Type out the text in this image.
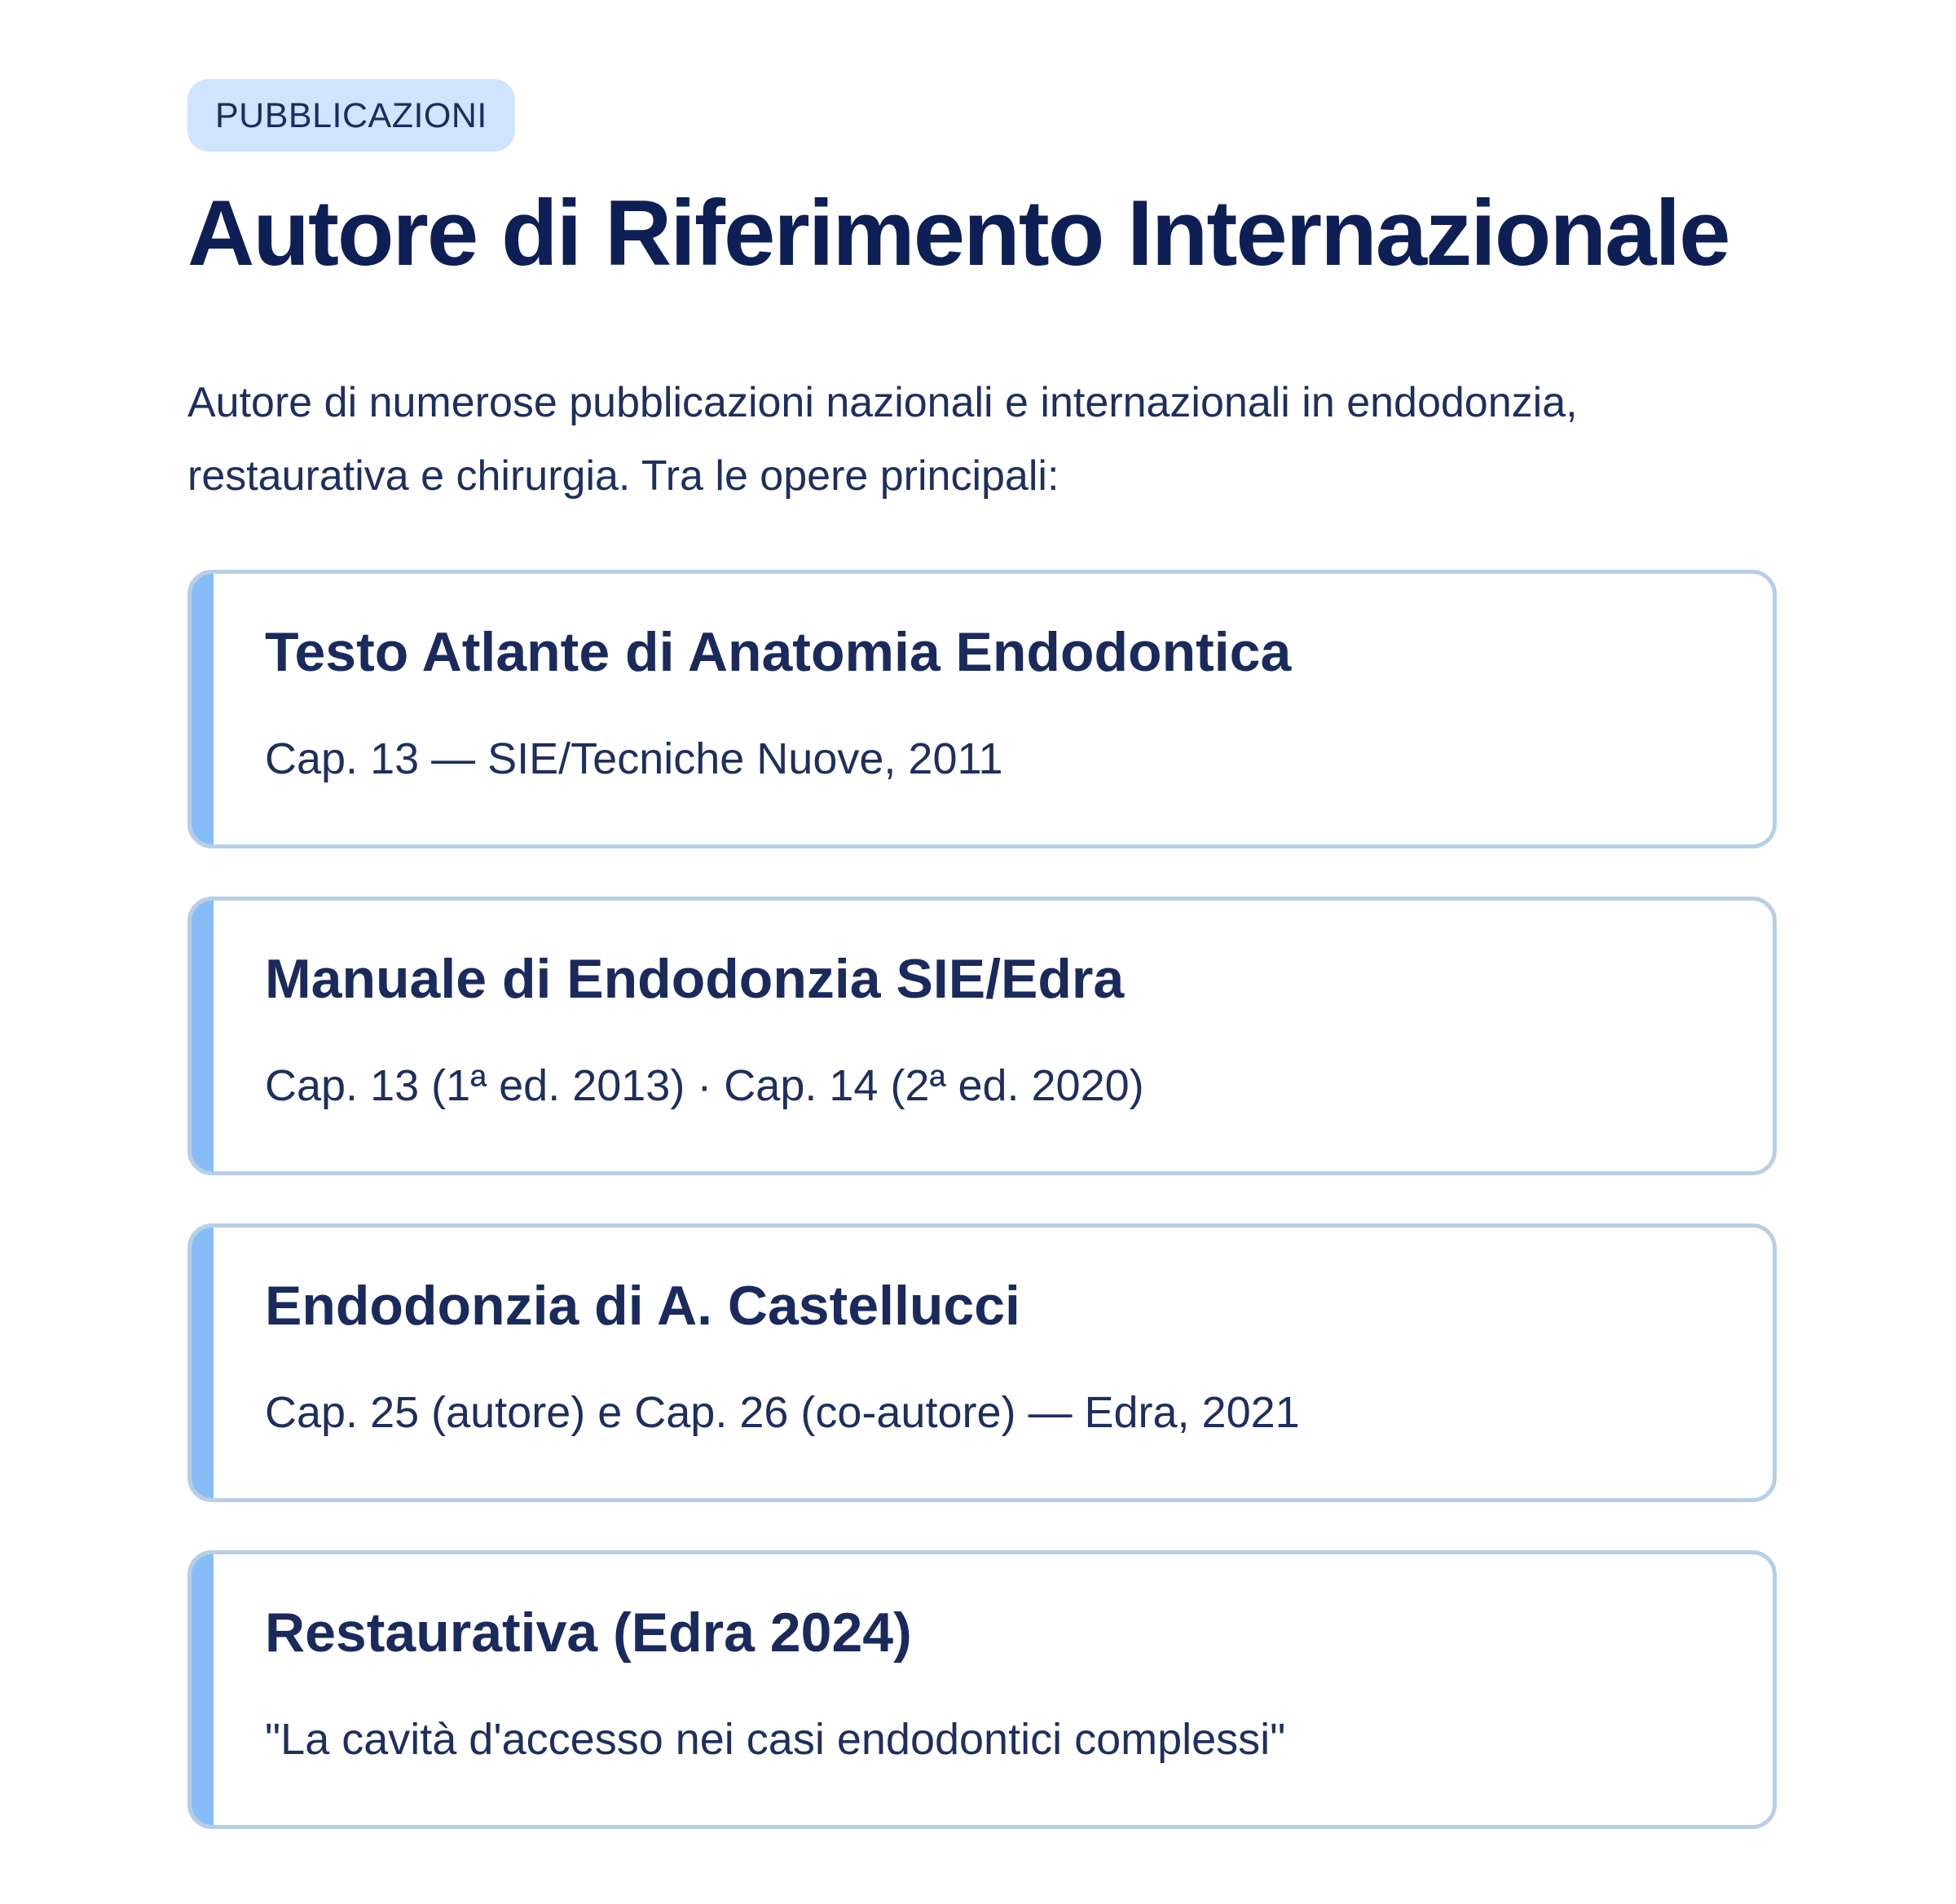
PUBBLICAZIONI
Autore di Riferimento Internazionale

Autore di numerose pubblicazioni nazionali e internazionali in endodonzia, restaurativa e chirurgia. Tra le opere principali:

Testo Atlante di Anatomia Endodontica
Cap. 13 — SIE/Tecniche Nuove, 2011
Manuale di Endodonzia SIE/Edra
Cap. 13 (1ª ed. 2013) · Cap. 14 (2ª ed. 2020)
Endodonzia di A. Castellucci
Cap. 25 (autore) e Cap. 26 (co-autore) — Edra, 2021
Restaurativa (Edra 2024)
"La cavità d'accesso nei casi endodontici complessi"
